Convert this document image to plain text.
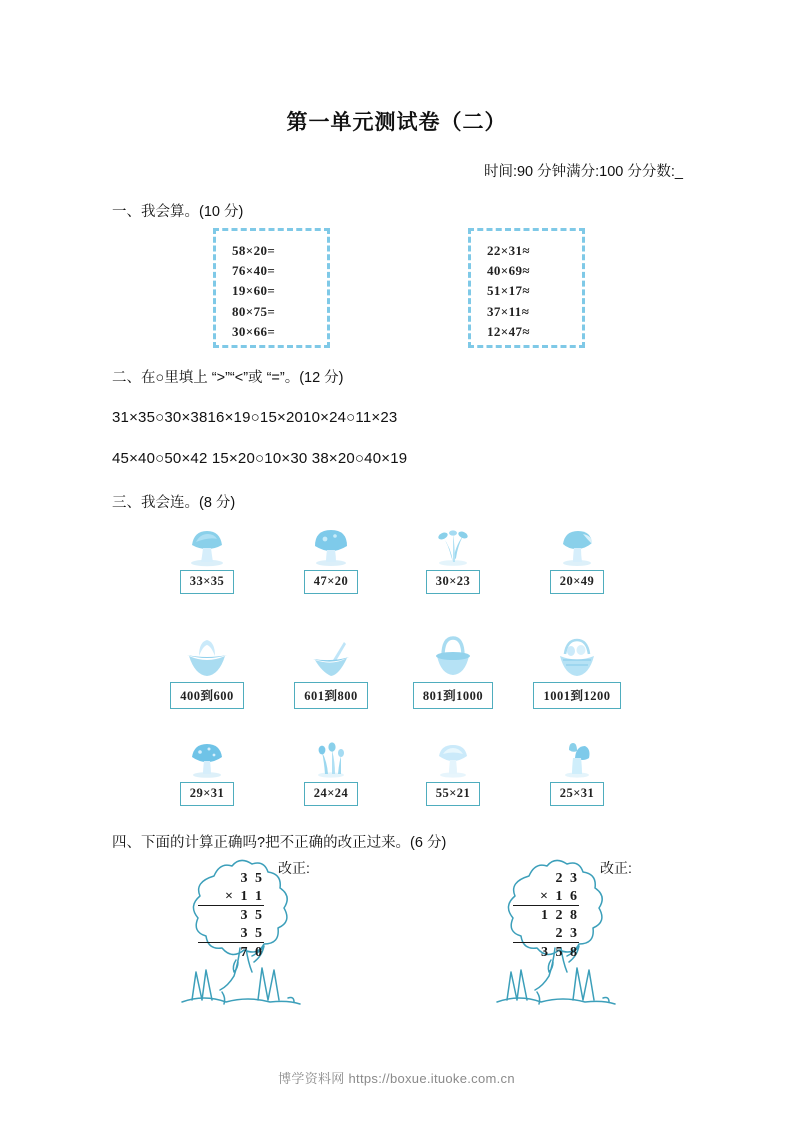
第一单元测试卷（二）
时间:90 分钟满分:100 分分数:_
一、我会算。(10 分)
58×20=
76×40=
19×60=
80×75=
30×66=
22×31≈
40×69≈
51×17≈
37×11≈
12×47≈
二、在○里填上 “>”“<”或 “=”。(12 分)
31×35○30×3816×19○15×2010×24○11×23
45×40○50×42 15×20○10×30 38×20○40×19
三、我会连。(8 分)
33×35	47×20	30×23	20×49
400到600	601到800	801到1000	1001到1200
29×31	24×24	55×21	25×31
四、下面的计算正确吗?把不正确的改正过来。(6 分)
3 5
× 1 1
3 5
3 5
7 0
改正:
2 3
× 1 6
1 2 8
2 3
3 5 8
改正:
博学资料网 https://boxue.ituoke.com.cn
